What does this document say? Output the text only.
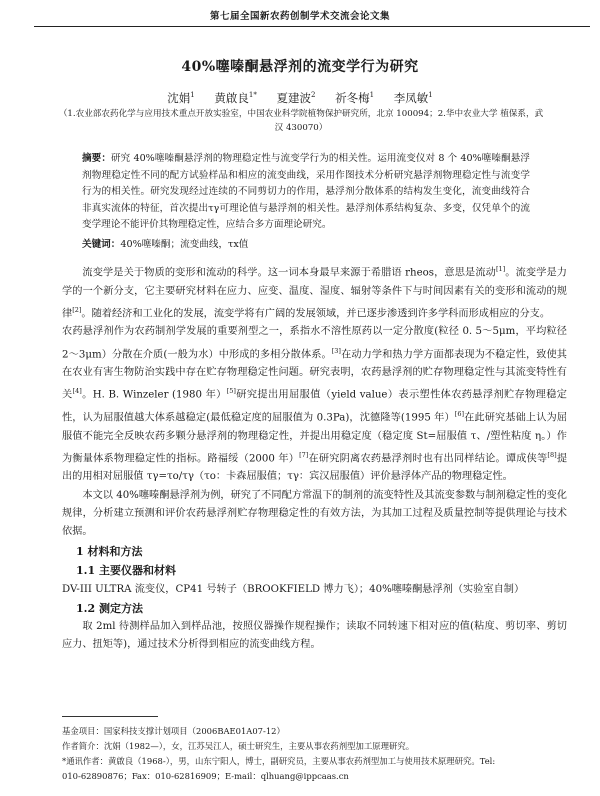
第七届全国新农药创制学术交流会论文集
40%噻嗪酮悬浮剂的流变学行为研究
沈娟$^1$ 黄啟良$^{1*}$ 夏建波$^2$ 祈冬梅$^1$ 李凤敏$^1$
（1.农业部农药化学与应用技术重点开放实验室，中国农业科学院植物保护研究所，北京 100094；2.华中农业大学 植保系，武汉 430070）
摘要：研究 40%噻嗪酮悬浮剂的物理稳定性与流变学行为的相关性。运用流变仪对 8 个 40%噻嗪酮悬浮剂物理稳定性不同的配方试验样品和相应的流变曲线，采用作图技术分析研究悬浮剂物理稳定性与流变学行为的相关性。研究发现经过连续的不同剪切力的作用，悬浮剂分散体系的结构发生变化，流变曲线符合非真实流体的特征，首次提出τγ可理论值与悬浮剂的相关性。悬浮剂体系结构复杂、多变，仅凭单个的流变学理论不能评价其物理稳定性，应结合多方面理论研究。
关键词：40%噻嗪酮；流变曲线，τx值

流变学是关于物质的变形和流动的科学。这一词本身最早来源于希腊语 rheos，意思是流动[1]。流变学是力学的一个新分支，它主要研究材料在应力、应变、温度、湿度、辐射等条件下与时间因素有关的变形和流动的规律[2]。随着经济和工业化的发展，流变学将有广阔的发展领域，并已逐步渗透到许多学科而形成相应的分支。

农药悬浮剂作为农药制剂学发展的重要剂型之一，系指水不溶性原药以一定分散度(粒径 0. 5～5μm，平均粒径 2～3μm）分散在介质(一般为水）中形成的多相分散体系。[3]在动力学和热力学方面都表现为不稳定性，致使其在农业有害生物防治实践中存在贮存物理稳定性问题。研究表明，农药悬浮剂的贮存物理稳定性与其流变特性有关[4]。H. B. Winzeler (1980 年）[5]研究提出用屈服值（yield value）表示塑性体农药悬浮剂贮存物理稳定性，认为屈服值越大体系越稳定(最低稳定度的屈服值为 0.3Pa)，沈德隆等(1995 年）[6]在此研究基础上认为屈服值不能完全反映农药多颗分悬浮剂的物理稳定性，并提出用稳定度（稳定度 St=屈服值 τ、/塑性粘度 η。）作为衡量体系物理稳定性的指标。路福绥（2000 年）[7]在研究阴离农药悬浮剂时也有出同样结论。谭成侠等[8]提出的用相对屈服值 τγ=τo/τγ（τo：卡森屈服值；τγ：宾汉屈服值）评价悬浮体产品的物理稳定性。

本文以 40%噻嗪酮悬浮剂为例，研究了不同配方常温下的制剂的流变特性及其流变参数与制剂稳定性的变化规律，分析建立预测和评价农药悬浮剂贮存物理稳定性的有效方法，为其加工过程及质量控制等提供理论与技术依据。

1 材料和方法

1.1 主要仪器和材料

DV-III ULTRA 流变仪，CP41 号转子（BROOKFIELD 博力飞）；40%噻嗪酮悬浮剂（实验室自制）

1.2 测定方法

取 2ml 待测样品加入到样品池，按照仪器操作规程操作；读取不同转速下相对应的值(粘度、剪切率、剪切应力、扭矩等)，通过技术分析得到相应的流变曲线方程。

基金项目：国家科技支撑计划项目（2006BAE01A07-12）
作者简介：沈娟（1982—），女，江苏吴江人，硕士研究生，主要从事农药剂型加工原理研究。
*通讯作者：黄啟良（1968-），男，山东宁阳人，博士，副研究员，主要从事农药剂型加工与使用技术原理研究。Tel:
010-62890876；Fax：010-62816909；E-mail：qlhuang@ippcaas.cn
